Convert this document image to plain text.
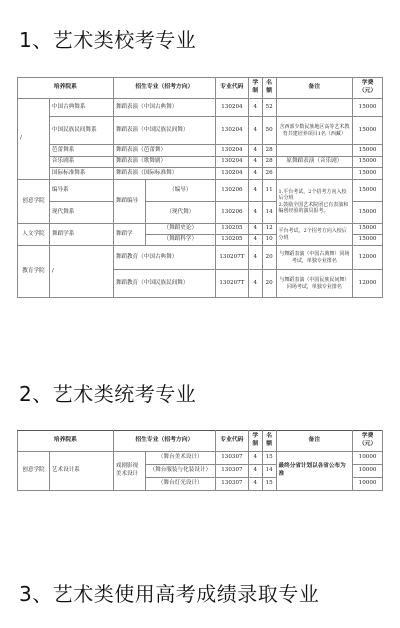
1、艺术类校考专业
培养院系		招生专业（招考方向）		专业代码	学制	名额	备注	学费（元）
/	中国古典舞系	舞蹈表演（中国古典舞）		130204	4	52		15000
	中国民族民间舞系	舞蹈表演（中国民族民间舞）		130204	4	50	含西部少数民族地区高等艺术教育共建培养项目1名（西藏）	15000
	芭蕾舞系	舞蹈表演（芭蕾舞）		130204	4	28		15000
	音乐剧系	舞蹈表演（歌舞剧）		130204	4	28	原舞蹈表演（音乐剧）	15000
	国际标准舞系	舞蹈表演（国际标准舞）		130204	4	26		15000
创意学院	编导系	舞蹈编导	（编导）	130206	4	11	1.平台考试，2个招考方向入校后分班
2.鼓励全国艺术院团已有表演和编创经验的演员报考。	15000
	现代舞系		（现代舞）	130206	4	14		15000
人文学院	舞蹈学系	舞蹈学	（舞蹈史论）	130205	4	12	平台考试，2个招考方向入校后分班	15000
			（舞蹈科学）	130205	4	10		15000
教育学院	/	舞蹈教育（中国古典舞）		130207T	4	20	与舞蹈表演（中国古典舞）同场考试，单独专业排名	12000
		舞蹈教育（中国民族民间舞）		130207T	4	20	与舞蹈表演（中国民族民间舞）同场考试，单独专业排名	12000
2、艺术类统考专业
培养院系		招生专业（招考方向）		专业代码	学制	名额	备注	学费（元）
创意学院	艺术设计系	戏剧影视美术设计	（舞台美术设计）	130307	4	15	最终分省计划以各省公布为准	10000
			（舞台服装与化装设计）	130307	4	14		10000
			（舞台灯光设计）	130307	4	15		10000
3、艺术类使用高考成绩录取专业
